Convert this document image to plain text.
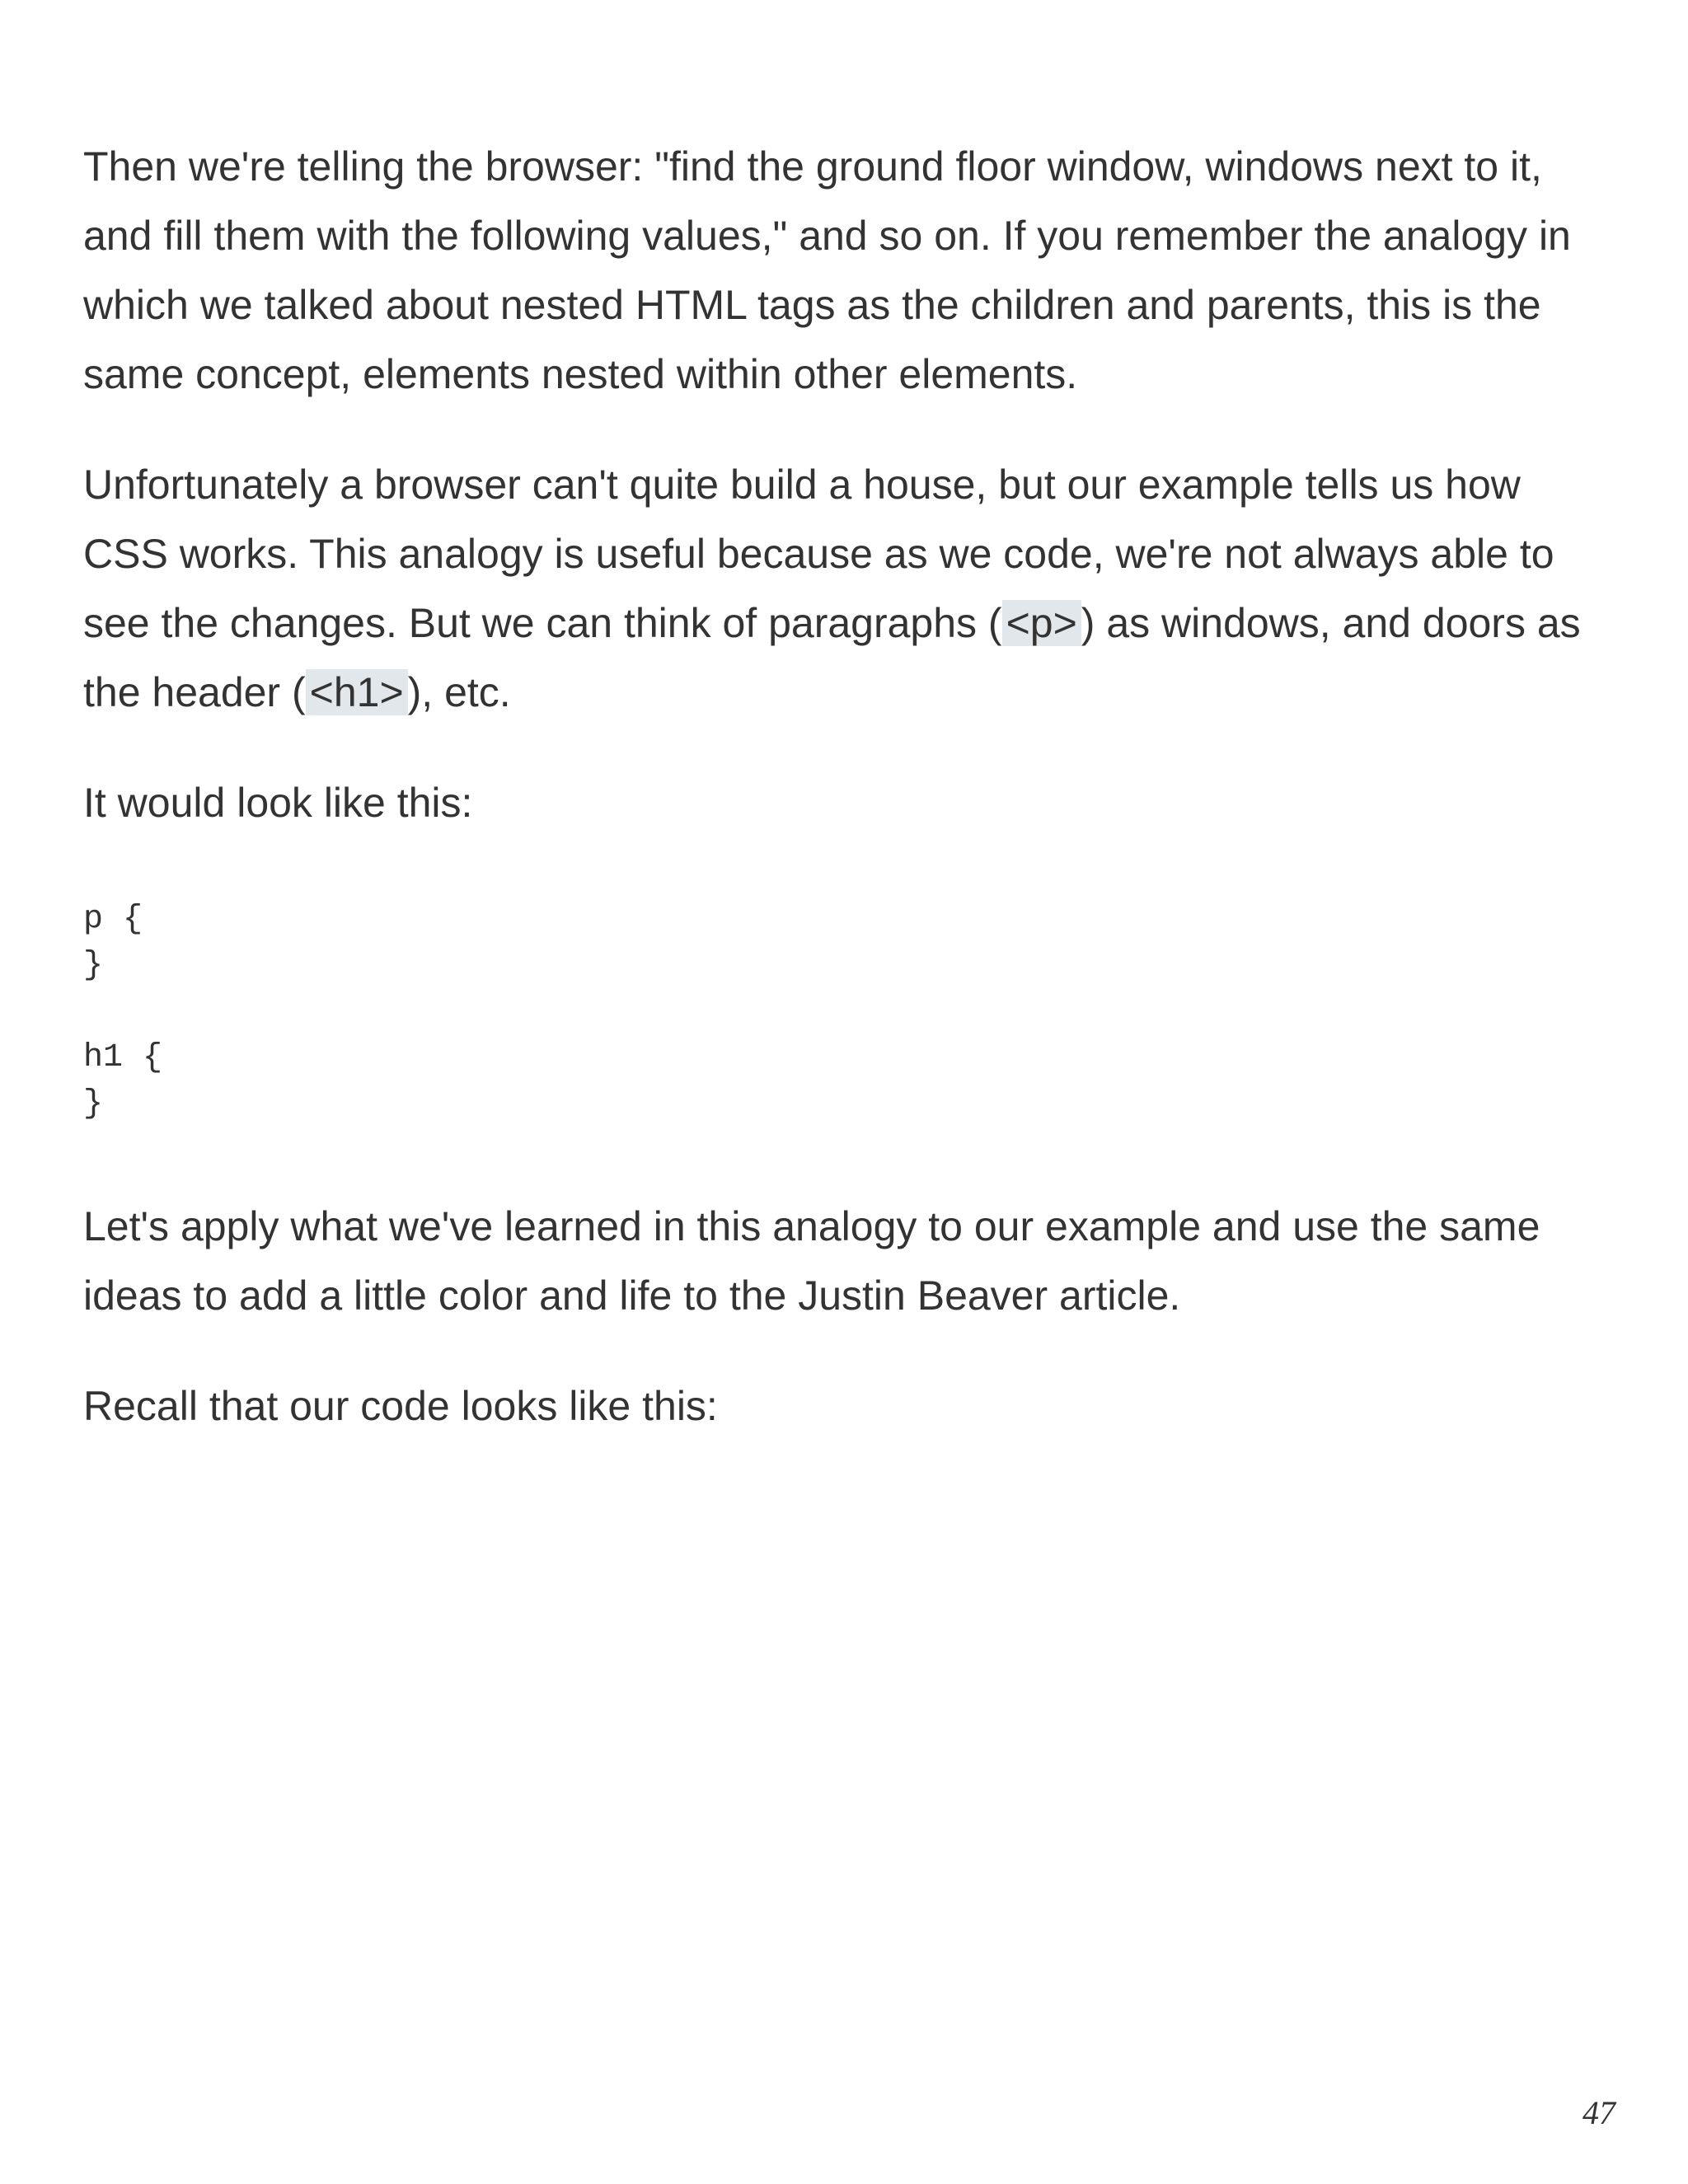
Then we're telling the browser: "find the ground floor window, windows next to it, and fill them with the following values," and so on. If you remember the analogy in which we talked about nested HTML tags as the children and parents, this is the same concept, elements nested within other elements.

Unfortunately a browser can't quite build a house, but our example tells us how CSS works. This analogy is useful because as we code, we're not always able to see the changes. But we can think of paragraphs ( <p> ) as windows, and doors as the header ( <h1> ), etc.

It would look like this:

p {
}

h1 {
}

Let's apply what we've learned in this analogy to our example and use the same ideas to add a little color and life to the Justin Beaver article.

Recall that our code looks like this:

47
